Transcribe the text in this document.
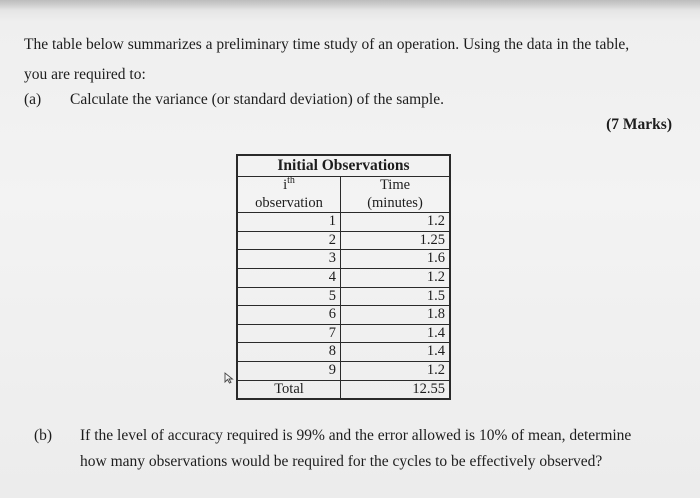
The table below summarizes a preliminary time study of an operation. Using the data in the table,
you are required to:
(a) Calculate the variance (or standard deviation) of the sample.
(7 Marks)
Initial Observations	
$i^{th}$	Time
observation	(minutes)
1	1.2
2	1.25
3	1.6
4	1.2
5	1.5
6	1.8
7	1.4
8	1.4
9	1.2
Total	12.55
(b) If the level of accuracy required is 99% and the error allowed is 10% of mean, determine
how many observations would be required for the cycles to be effectively observed?
